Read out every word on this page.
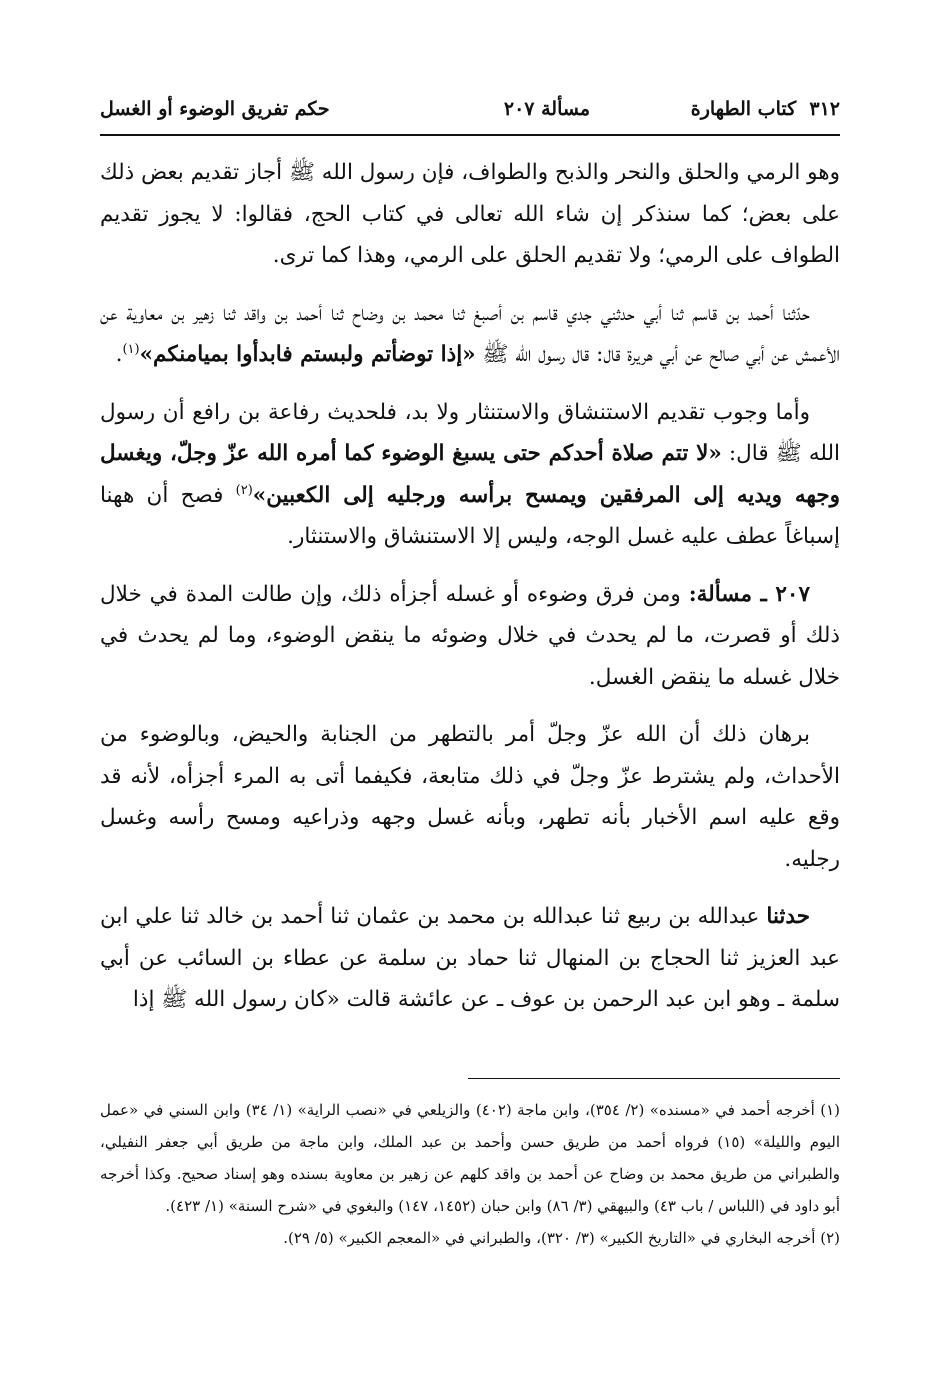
٣١٢  كتاب الطهارة
مسألة ٢٠٧
حكم تفريق الوضوء أو الغسل

وهو الرمي والحلق والنحر والذبح والطواف، فإن رسول الله ﷺ أجاز تقديم بعض ذلك على بعض؛ كما سنذكر إن شاء الله تعالى في كتاب الحج، فقالوا: لا يجوز تقديم الطواف على الرمي؛ ولا تقديم الحلق على الرمي، وهذا كما ترى.

حدّثنا أحمد بن قاسم ثنا أبي حدثني جدي قاسم بن أصبغ ثنا محمد بن وضاح ثنا أحمد بن واقد ثنا زهير بن معاوية عن الأعمش عن أبي صالح عن أبي هريرة قال: قال رسول الله ﷺ «إذا توضأتم ولبستم فابدأوا بميامنكم»$^{(١)}$.

وأما وجوب تقديم الاستنشاق والاستنثار ولا بد، فلحديث رفاعة بن رافع أن رسول الله ﷺ قال: «لا تتم صلاة أحدكم حتى يسبغ الوضوء كما أمره الله عزّ وجلّ، ويغسل وجهه ويديه إلى المرفقين ويمسح برأسه ورجليه إلى الكعبين»$^{(٢)}$ فصح أن ههنا إسباغاً عطف عليه غسل الوجه، وليس إلا الاستنشاق والاستنثار.

٢٠٧ ـ مسألة: ومن فرق وضوءه أو غسله أجزأه ذلك، وإن طالت المدة في خلال ذلك أو قصرت، ما لم يحدث في خلال وضوئه ما ينقض الوضوء، وما لم يحدث في خلال غسله ما ينقض الغسل.

برهان ذلك أن الله عزّ وجلّ أمر بالتطهر من الجنابة والحيض، وبالوضوء من الأحداث، ولم يشترط عزّ وجلّ في ذلك متابعة، فكيفما أتى به المرء أجزأه، لأنه قد وقع عليه اسم الأخبار بأنه تطهر، وبأنه غسل وجهه وذراعيه ومسح رأسه وغسل رجليه.

حدثنا عبدالله بن ربيع ثنا عبدالله بن محمد بن عثمان ثنا أحمد بن خالد ثنا علي ابن عبد العزيز ثنا الحجاج بن المنهال ثنا حماد بن سلمة عن عطاء بن السائب عن أبي سلمة ـ وهو ابن عبد الرحمن بن عوف ـ عن عائشة قالت «كان رسول الله ﷺ إذا

(١) أخرجه أحمد في «مسنده» (٢/ ٣٥٤)، وابن ماجة (٤٠٢) والزيلعي في «نصب الراية» (١/ ٣٤) وابن السني في «عمل اليوم والليلة» (١٥) فرواه أحمد من طريق حسن وأحمد بن عبد الملك، وابن ماجة من طريق أبي جعفر النفيلي، والطبراني من طريق محمد بن وضاح عن أحمد بن واقد كلهم عن زهير بن معاوية بسنده وهو إسناد صحيح. وكذا أخرجه أبو داود في (اللباس / باب ٤٣) والبيهقي (٣/ ٨٦) وابن حبان (١٤٥٢، ١٤٧) والبغوي في «شرح السنة» (١/ ٤٢٣).

(٢) أخرجه البخاري في «التاريخ الكبير» (٣/ ٣٢٠)، والطبراني في «المعجم الكبير» (٥/ ٢٩).
